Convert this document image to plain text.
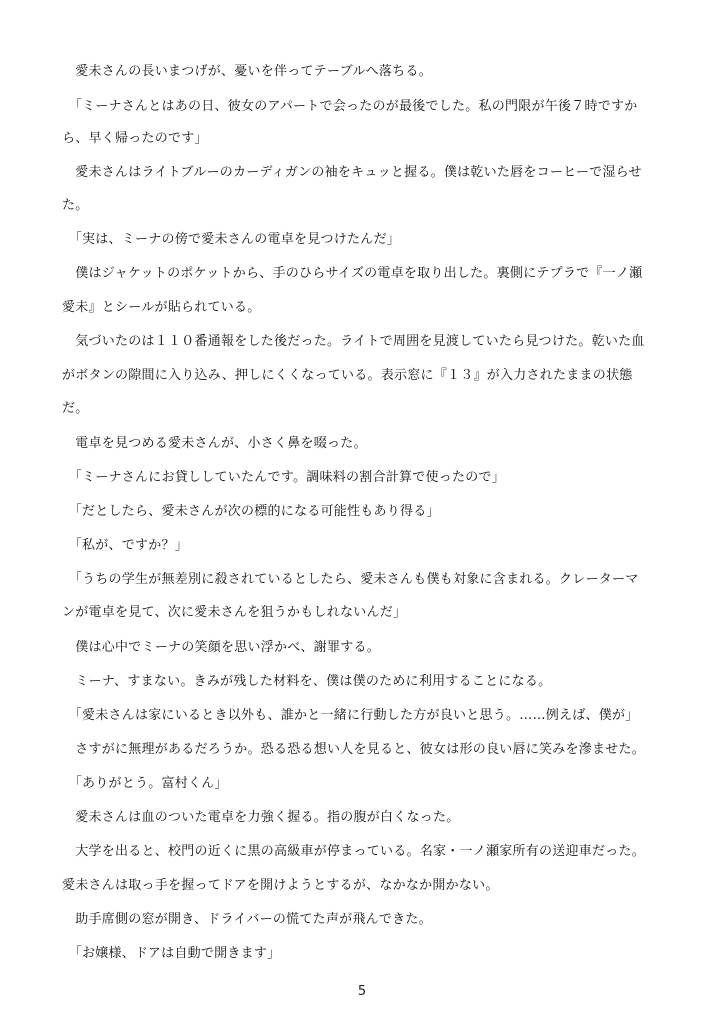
　愛未さんの長いまつげが、憂いを伴ってテーブルへ落ちる。
　「ミーナさんとはあの日、彼女のアパートで会ったのが最後でした。私の門限が午後７時ですか
ら、早く帰ったのです」
　愛未さんはライトブルーのカーディガンの袖をキュッと握る。僕は乾いた唇をコーヒーで湿らせ
た。
　「実は、ミーナの傍で愛未さんの電卓を見つけたんだ」
　僕はジャケットのポケットから、手のひらサイズの電卓を取り出した。裏側にテプラで『一ノ瀬
愛未』とシールが貼られている。
　気づいたのは１１０番通報をした後だった。ライトで周囲を見渡していたら見つけた。乾いた血
がボタンの隙間に入り込み、押しにくくなっている。表示窓に『１３』が入力されたままの状態
だ。
　電卓を見つめる愛未さんが、小さく鼻を啜った。
　「ミーナさんにお貸ししていたんです。調味料の割合計算で使ったので」
　「だとしたら、愛未さんが次の標的になる可能性もあり得る」
　「私が、ですか？」
　「うちの学生が無差別に殺されているとしたら、愛未さんも僕も対象に含まれる。クレーターマ
ンが電卓を見て、次に愛未さんを狙うかもしれないんだ」
　僕は心中でミーナの笑顔を思い浮かべ、謝罪する。
　ミーナ、すまない。きみが残した材料を、僕は僕のために利用することになる。
　「愛未さんは家にいるとき以外も、誰かと一緒に行動した方が良いと思う。……例えば、僕が」
　さすがに無理があるだろうか。恐る恐る想い人を見ると、彼女は形の良い唇に笑みを滲ませた。
　「ありがとう。富村くん」
　愛未さんは血のついた電卓を力強く握る。指の腹が白くなった。
　大学を出ると、校門の近くに黒の高級車が停まっている。名家・一ノ瀬家所有の送迎車だった。
愛未さんは取っ手を握ってドアを開けようとするが、なかなか開かない。
　助手席側の窓が開き、ドライバーの慌てた声が飛んできた。
　「お嬢様、ドアは自動で開きます」
5
